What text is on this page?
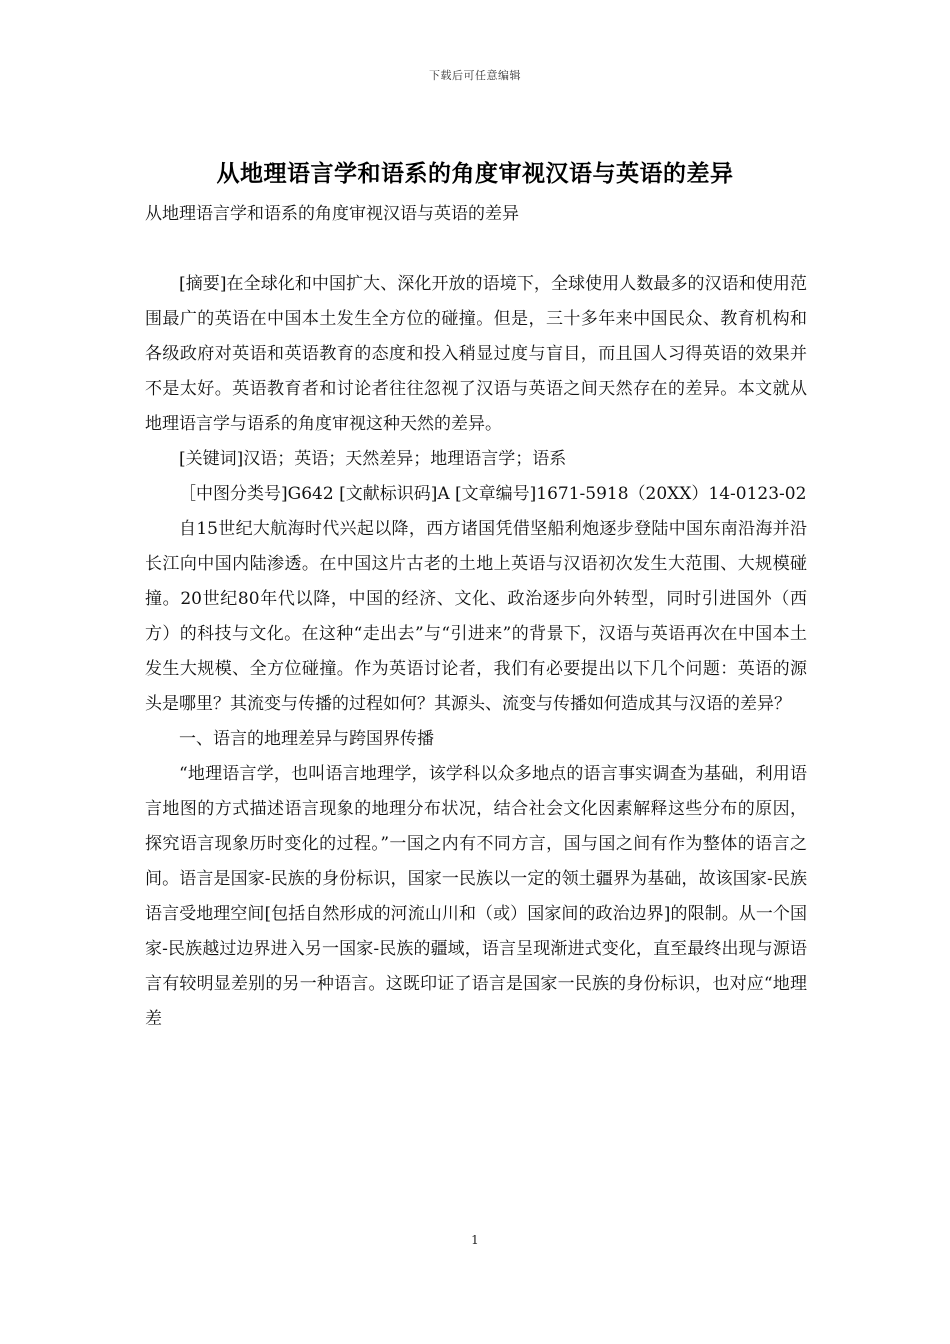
下载后可任意编辑
从地理语言学和语系的角度审视汉语与英语的差异

从地理语言学和语系的角度审视汉语与英语的差异

[摘要]在全球化和中国扩大、深化开放的语境下，全球使用人数最多的汉语和使用范围最广的英语在中国本土发生全方位的碰撞。但是，三十多年来中国民众、教育机构和各级政府对英语和英语教育的态度和投入稍显过度与盲目，而且国人习得英语的效果并不是太好。英语教育者和讨论者往往忽视了汉语与英语之间天然存在的差异。本文就从地理语言学与语系的角度审视这种天然的差异。

[关键词]汉语；英语；天然差异；地理语言学；语系

［中图分类号]G642 [文献标识码]A [文章编号]1671-5918（20XX）14-0123-02

自15世纪大航海时代兴起以降，西方诸国凭借坚船利炮逐步登陆中国东南沿海并沿长江向中国内陆渗透。在中国这片古老的土地上英语与汉语初次发生大范围、大规模碰撞。20世纪80年代以降，中国的经济、文化、政治逐步向外转型，同时引进国外（西方）的科技与文化。在这种“走出去”与“引进来”的背景下，汉语与英语再次在中国本土发生大规模、全方位碰撞。作为英语讨论者，我们有必要提出以下几个问题：英语的源头是哪里？其流变与传播的过程如何？其源头、流变与传播如何造成其与汉语的差异？

一、语言的地理差异与跨国界传播

“地理语言学，也叫语言地理学，该学科以众多地点的语言事实调查为基础，利用语言地图的方式描述语言现象的地理分布状况，结合社会文化因素解释这些分布的原因，探究语言现象历时变化的过程。”一国之内有不同方言，国与国之间有作为整体的语言之间。语言是国家-民族的身份标识，国家一民族以一定的领土疆界为基础，故该国家-民族语言受地理空间[包括自然形成的河流山川和（或）国家间的政治边界]的限制。从一个国家-民族越过边界进入另一国家-民族的疆域，语言呈现渐进式变化，直至最终出现与源语言有较明显差别的另一种语言。这既印证了语言是国家一民族的身份标识，也对应“地理差

1
